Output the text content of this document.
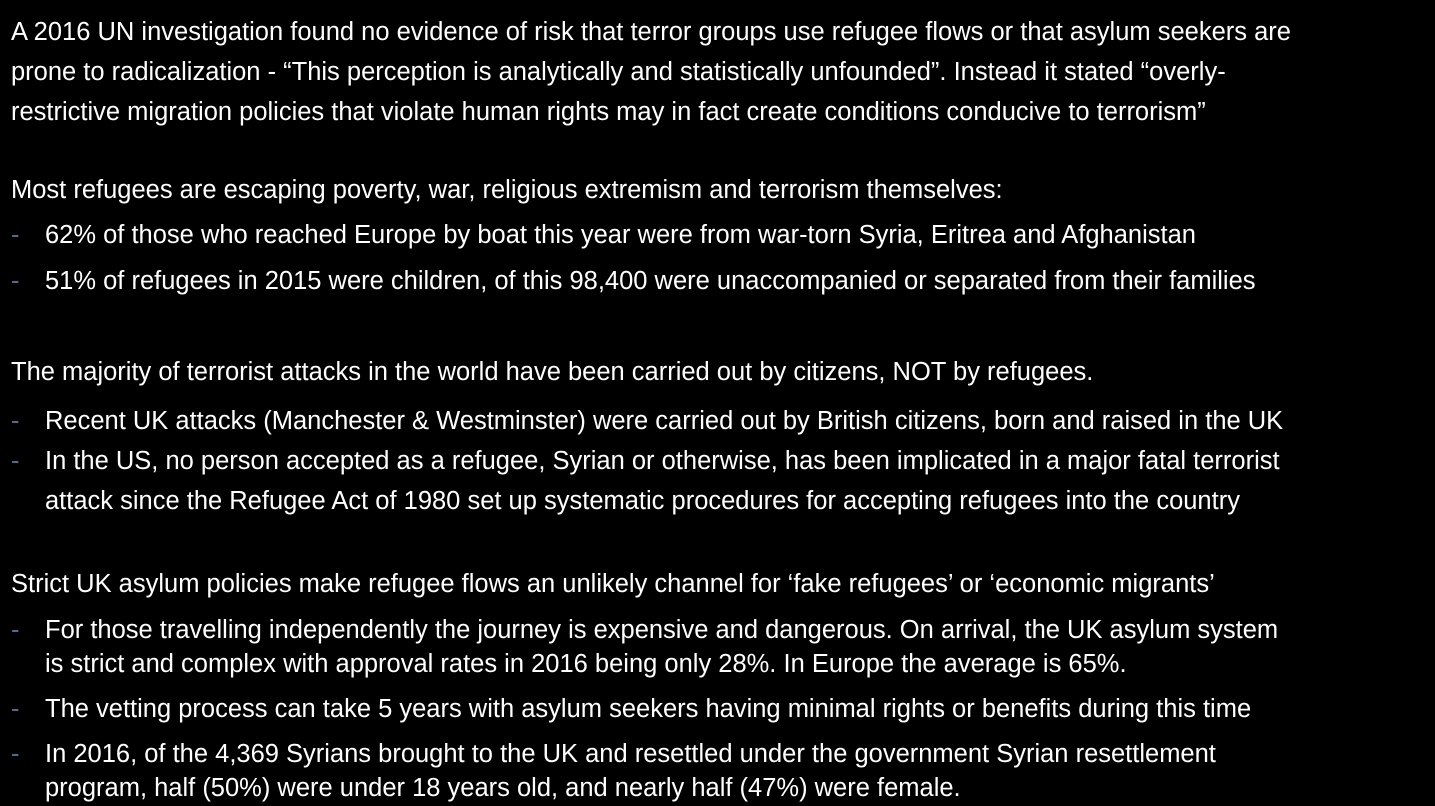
A 2016 UN investigation found no evidence of risk that terror groups use refugee flows or that asylum seekers are
prone to radicalization - “This perception is analytically and statistically unfounded”. Instead it stated “overly-
restrictive migration policies that violate human rights may in fact create conditions conducive to terrorism”
Most refugees are escaping poverty, war, religious extremism and terrorism themselves:
- 62% of those who reached Europe by boat this year were from war-torn Syria, Eritrea and Afghanistan
- 51% of refugees in 2015 were children, of this 98,400 were unaccompanied or separated from their families
The majority of terrorist attacks in the world have been carried out by citizens, NOT by refugees.
- Recent UK attacks (Manchester & Westminster) were carried out by British citizens, born and raised in the UK
- In the US, no person accepted as a refugee, Syrian or otherwise, has been implicated in a major fatal terrorist
attack since the Refugee Act of 1980 set up systematic procedures for accepting refugees into the country
Strict UK asylum policies make refugee flows an unlikely channel for ‘fake refugees’ or ‘economic migrants’
- For those travelling independently the journey is expensive and dangerous. On arrival, the UK asylum system
is strict and complex with approval rates in 2016 being only 28%. In Europe the average is 65%.
- The vetting process can take 5 years with asylum seekers having minimal rights or benefits during this time
- In 2016, of the 4,369 Syrians brought to the UK and resettled under the government Syrian resettlement
program, half (50%) were under 18 years old, and nearly half (47%) were female.
